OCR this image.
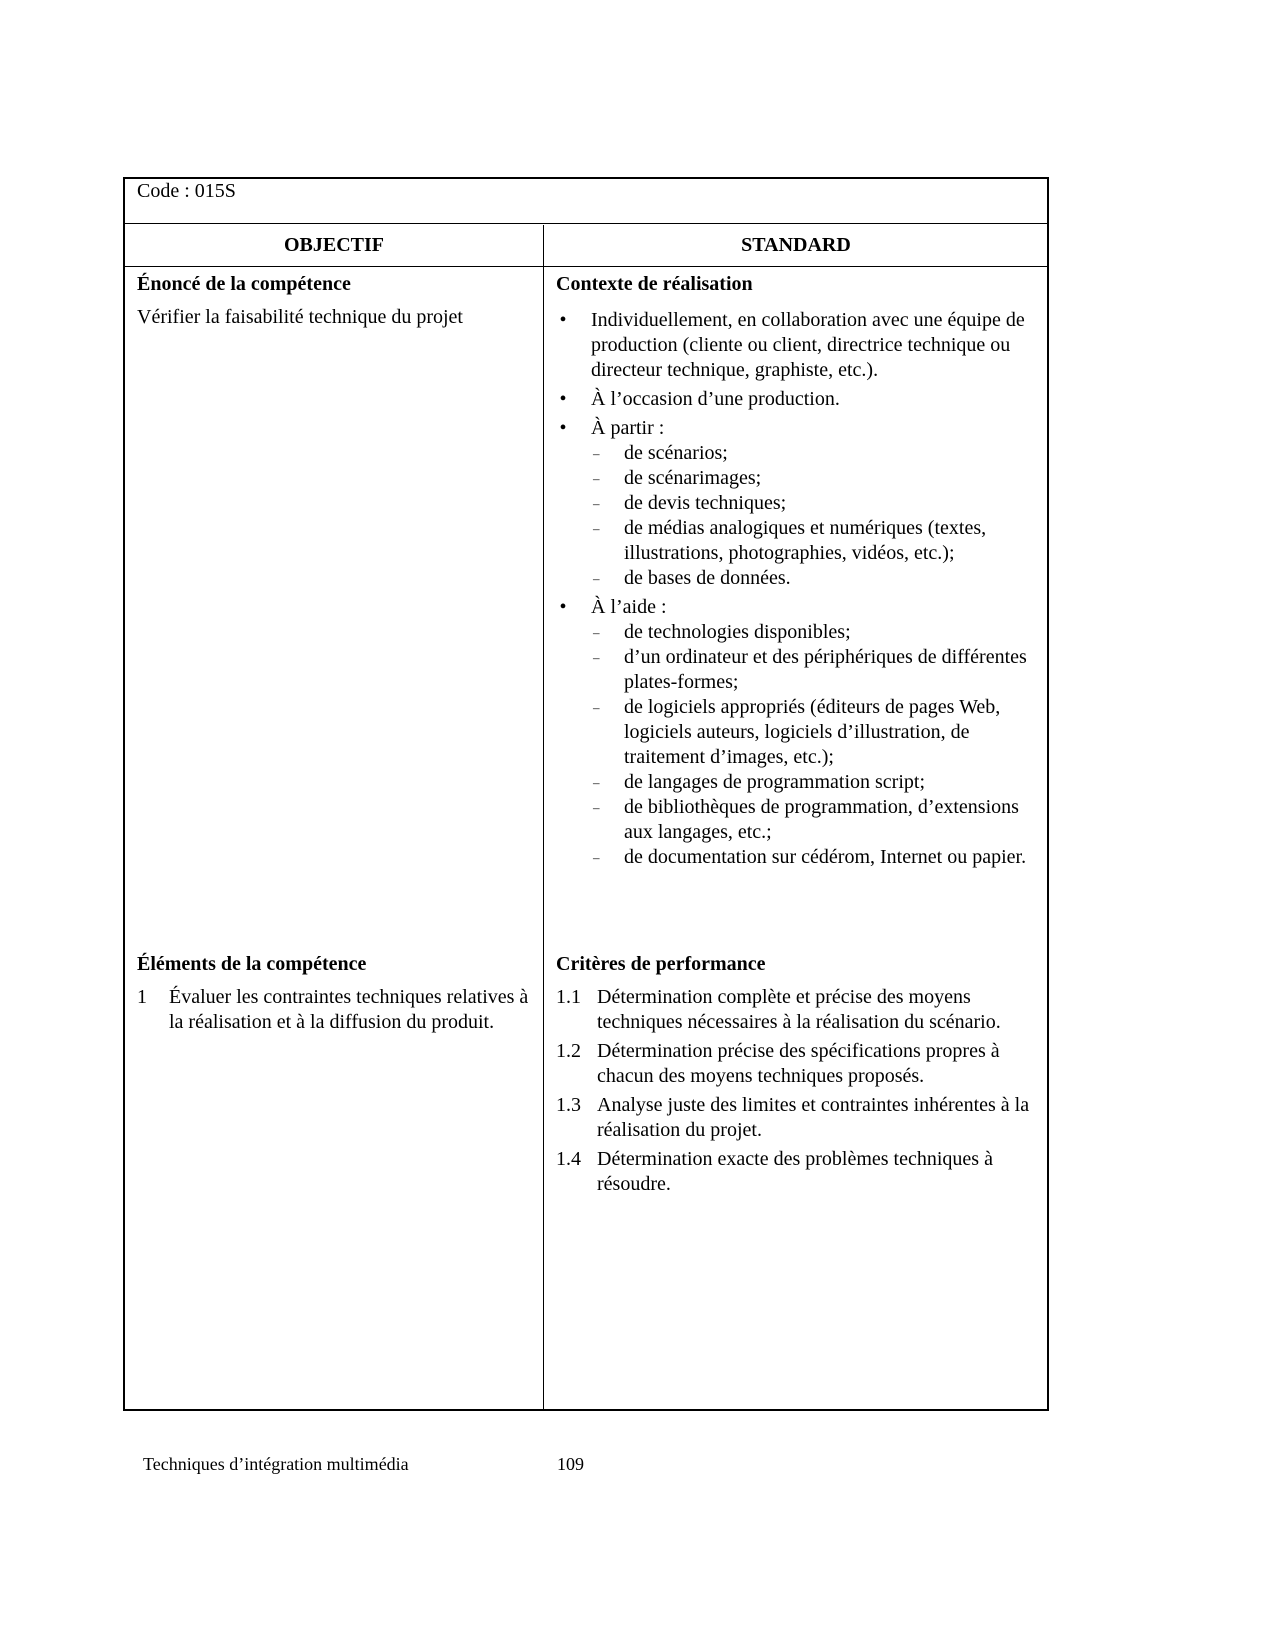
Code : 015S
OBJECTIF	STANDARD
Énoncé de la compétence
Vérifier la faisabilité technique du projet
Contexte de réalisation
• Individuellement, en collaboration avec une équipe de production (cliente ou client, directrice technique ou directeur technique, graphiste, etc.).
• À l’occasion d’une production.
• À partir :
– de scénarios;
– de scénarimages;
– de devis techniques;
– de médias analogiques et numériques (textes, illustrations, photographies, vidéos, etc.);
– de bases de données.
• À l’aide :
– de technologies disponibles;
– d’un ordinateur et des périphériques de différentes plates-formes;
– de logiciels appropriés (éditeurs de pages Web, logiciels auteurs, logiciels d’illustration, de traitement d’images, etc.);
– de langages de programmation script;
– de bibliothèques de programmation, d’extensions aux langages, etc.;
– de documentation sur cédérom, Internet ou papier.
Éléments de la compétence
1 Évaluer les contraintes techniques relatives à la réalisation et à la diffusion du produit.
Critères de performance
1.1 Détermination complète et précise des moyens techniques nécessaires à la réalisation du scénario.
1.2 Détermination précise des spécifications propres à chacun des moyens techniques proposés.
1.3 Analyse juste des limites et contraintes inhérentes à la réalisation du projet.
1.4 Détermination exacte des problèmes techniques à résoudre.
Techniques d’intégration multimédia	109
